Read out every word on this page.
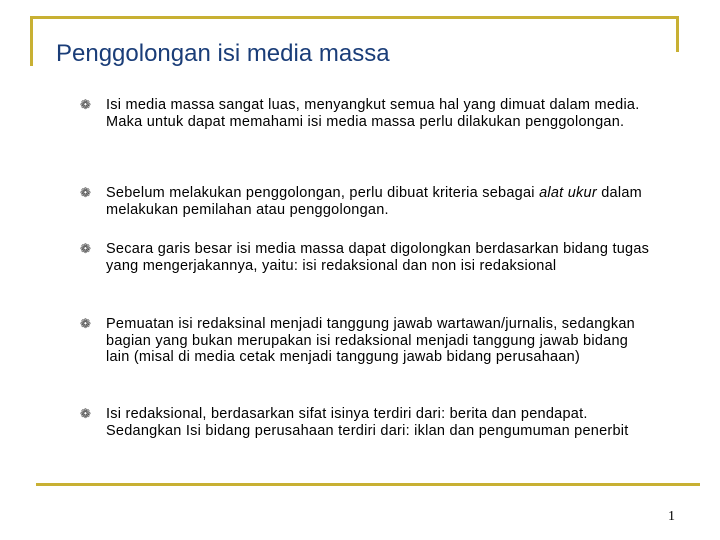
Penggolongan isi media massa
❁	Isi media massa sangat luas, menyangkut semua hal yang dimuat dalam media. Maka untuk dapat memahami isi media massa perlu dilakukan penggolongan.
❁	Sebelum melakukan penggolongan, perlu dibuat kriteria sebagai alat ukur dalam melakukan pemilahan atau penggolongan.
❁	Secara garis besar isi media massa dapat digolongkan berdasarkan bidang tugas yang mengerjakannya, yaitu: isi redaksional dan non isi redaksional
❁	Pemuatan isi redaksinal menjadi tanggung jawab wartawan/jurnalis, sedangkan bagian yang bukan merupakan isi redaksional menjadi tanggung jawab bidang lain (misal di media cetak menjadi tanggung jawab bidang perusahaan)
❁	Isi redaksional, berdasarkan sifat isinya terdiri dari: berita dan pendapat. Sedangkan Isi bidang perusahaan terdiri dari: iklan dan pengumuman penerbit
1
